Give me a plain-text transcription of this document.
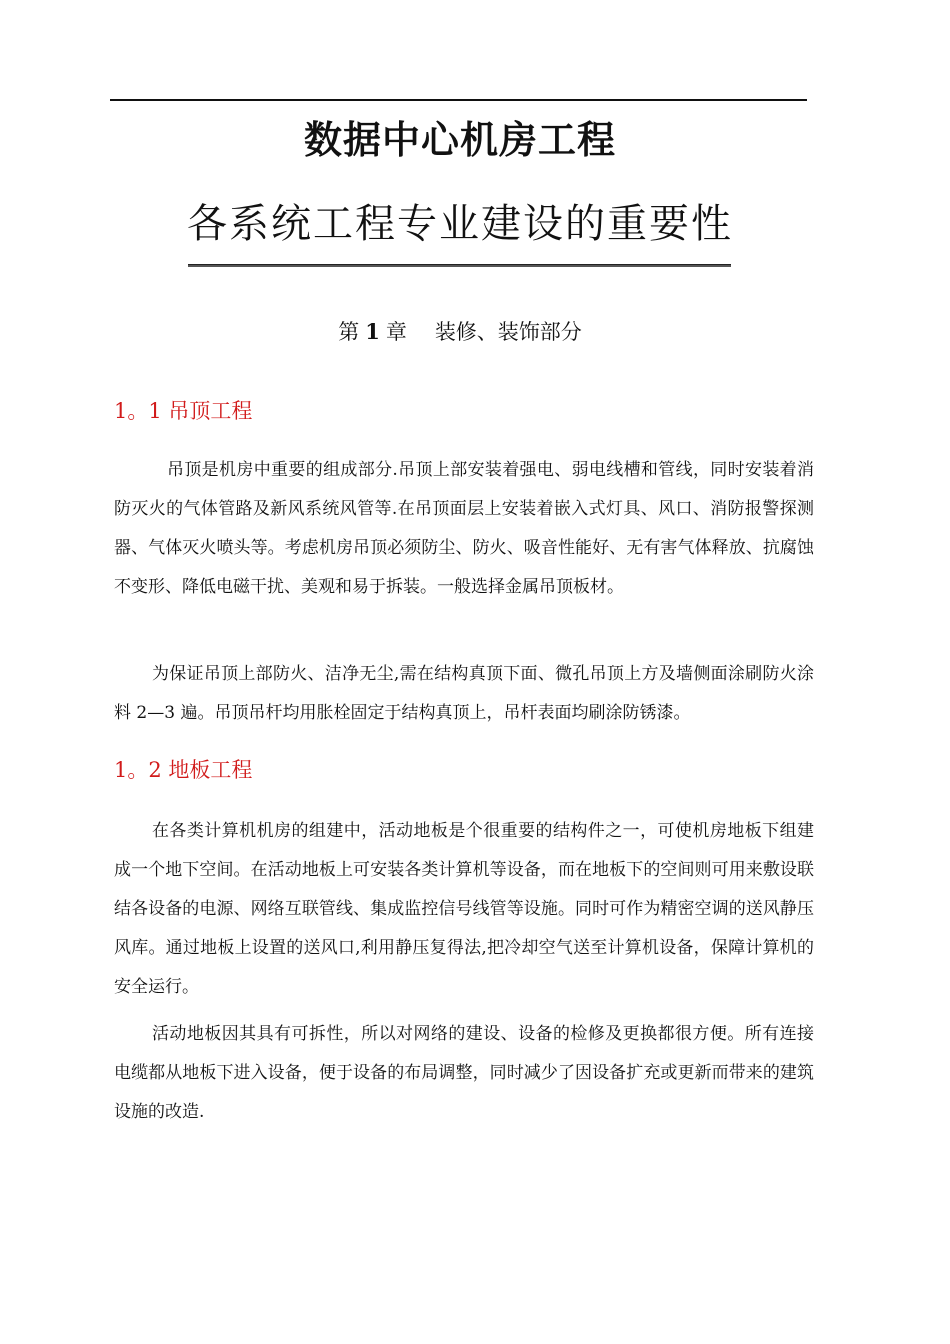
数据中心机房工程
各系统工程专业建设的重要性
第 1 章 装修、装饰部分
1。1 吊顶工程

吊顶是机房中重要的组成部分.吊顶上部安装着强电、弱电线槽和管线，同时安装着消防灭火的气体管路及新风系统风管等.在吊顶面层上安装着嵌入式灯具、风口、消防报警探测器、气体灭火喷头等。考虑机房吊顶必须防尘、防火、吸音性能好、无有害气体释放、抗腐蚀不变形、降低电磁干扰、美观和易于拆装。一般选择金属吊顶板材。

为保证吊顶上部防火、洁净无尘,需在结构真顶下面、微孔吊顶上方及墙侧面涂刷防火涂料 2—3 遍。吊顶吊杆均用胀栓固定于结构真顶上，吊杆表面均刷涂防锈漆。

1。2 地板工程

在各类计算机机房的组建中，活动地板是个很重要的结构件之一，可使机房地板下组建成一个地下空间。在活动地板上可安装各类计算机等设备，而在地板下的空间则可用来敷设联结各设备的电源、网络互联管线、集成监控信号线管等设施。同时可作为精密空调的送风静压风库。通过地板上设置的送风口,利用静压复得法,把冷却空气送至计算机设备，保障计算机的安全运行。

活动地板因其具有可拆性，所以对网络的建设、设备的检修及更换都很方便。所有连接电缆都从地板下进入设备，便于设备的布局调整，同时减少了因设备扩充或更新而带来的建筑设施的改造.
